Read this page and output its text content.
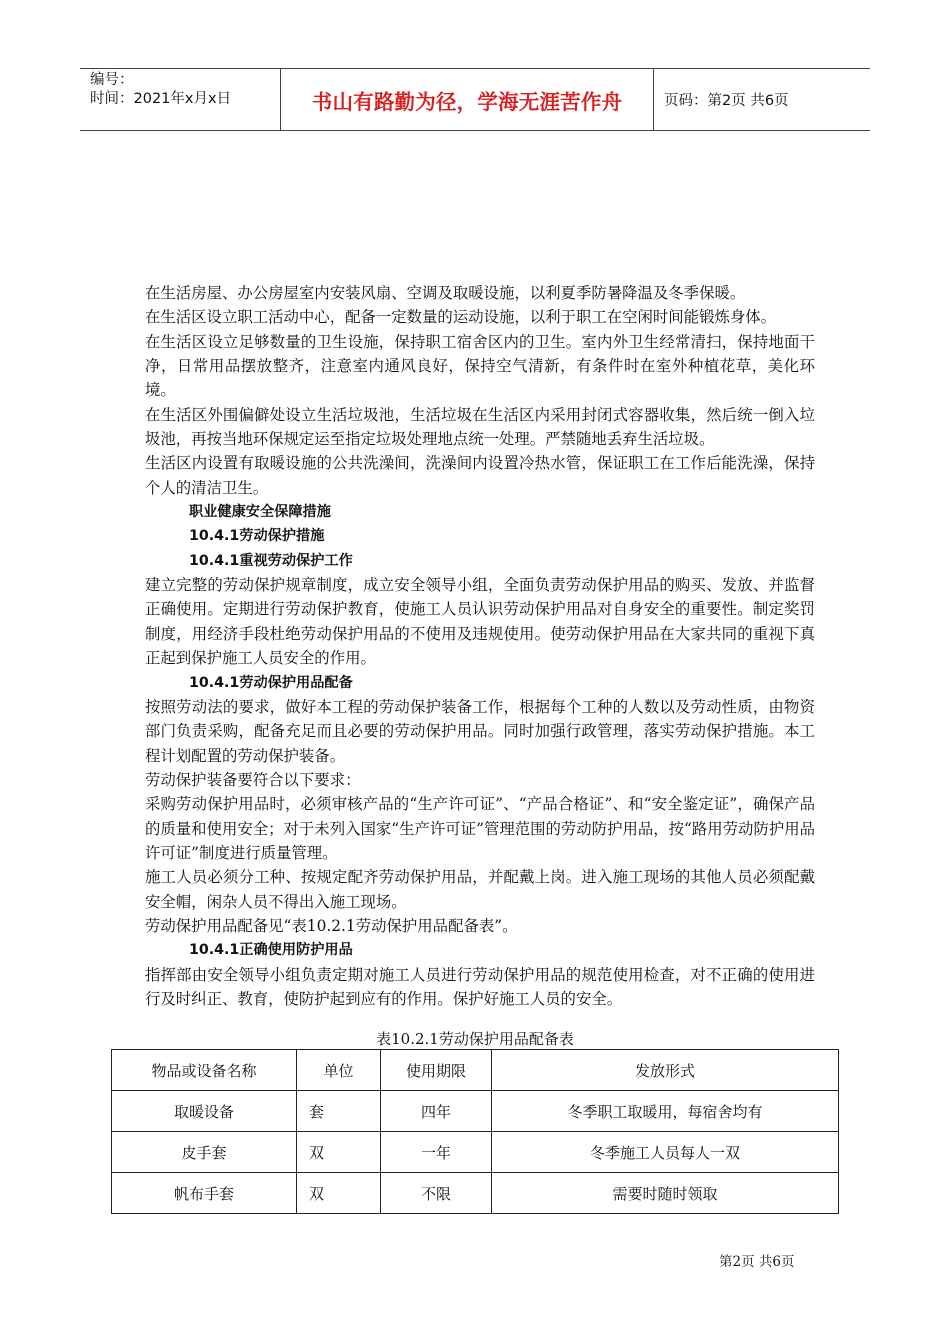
编号：
时间：2021年x月x日	书山有路勤为径，学海无涯苦作舟	页码：第2页 共6页

在生活房屋、办公房屋室内安装风扇、空调及取暖设施，以利夏季防暑降温及冬季保暖。

在生活区设立职工活动中心，配备一定数量的运动设施，以利于职工在空闲时间能锻炼身体。

在生活区设立足够数量的卫生设施，保持职工宿舍区内的卫生。室内外卫生经常清扫，保持地面干净，日常用品摆放整齐，注意室内通风良好，保持空气清新，有条件时在室外种植花草，美化环境。

在生活区外围偏僻处设立生活垃圾池，生活垃圾在生活区内采用封闭式容器收集，然后统一倒入垃圾池，再按当地环保规定运至指定垃圾处理地点统一处理。严禁随地丢弃生活垃圾。

生活区内设置有取暖设施的公共洗澡间，洗澡间内设置冷热水管，保证职工在工作后能洗澡，保持个人的清洁卫生。

职业健康安全保障措施

10.4.1劳动保护措施

10.4.1重视劳动保护工作

建立完整的劳动保护规章制度，成立安全领导小组，全面负责劳动保护用品的购买、发放、并监督正确使用。定期进行劳动保护教育，使施工人员认识劳动保护用品对自身安全的重要性。制定奖罚制度，用经济手段杜绝劳动保护用品的不使用及违规使用。使劳动保护用品在大家共同的重视下真正起到保护施工人员安全的作用。

10.4.1劳动保护用品配备

按照劳动法的要求，做好本工程的劳动保护装备工作，根据每个工种的人数以及劳动性质，由物资部门负责采购，配备充足而且必要的劳动保护用品。同时加强行政管理，落实劳动保护措施。本工程计划配置的劳动保护装备。

劳动保护装备要符合以下要求：

采购劳动保护用品时，必须审核产品的“生产许可证”、“产品合格证”、和“安全鉴定证”，确保产品的质量和使用安全；对于未列入国家“生产许可证”管理范围的劳动防护用品，按“路用劳动防护用品许可证”制度进行质量管理。

施工人员必须分工种、按规定配齐劳动保护用品，并配戴上岗。进入施工现场的其他人员必须配戴安全帽，闲杂人员不得出入施工现场。

劳动保护用品配备见“表10.2.1劳动保护用品配备表”。

10.4.1正确使用防护用品

指挥部由安全领导小组负责定期对施工人员进行劳动保护用品的规范使用检查，对不正确的使用进行及时纠正、教育，使防护起到应有的作用。保护好施工人员的安全。

表10.2.1劳动保护用品配备表
物品或设备名称	单位	使用期限	发放形式
取暖设备	套	四年	冬季职工取暖用，每宿舍均有
皮手套	双	一年	冬季施工人员每人一双
帆布手套	双	不限	需要时随时领取
第2页 共6页
